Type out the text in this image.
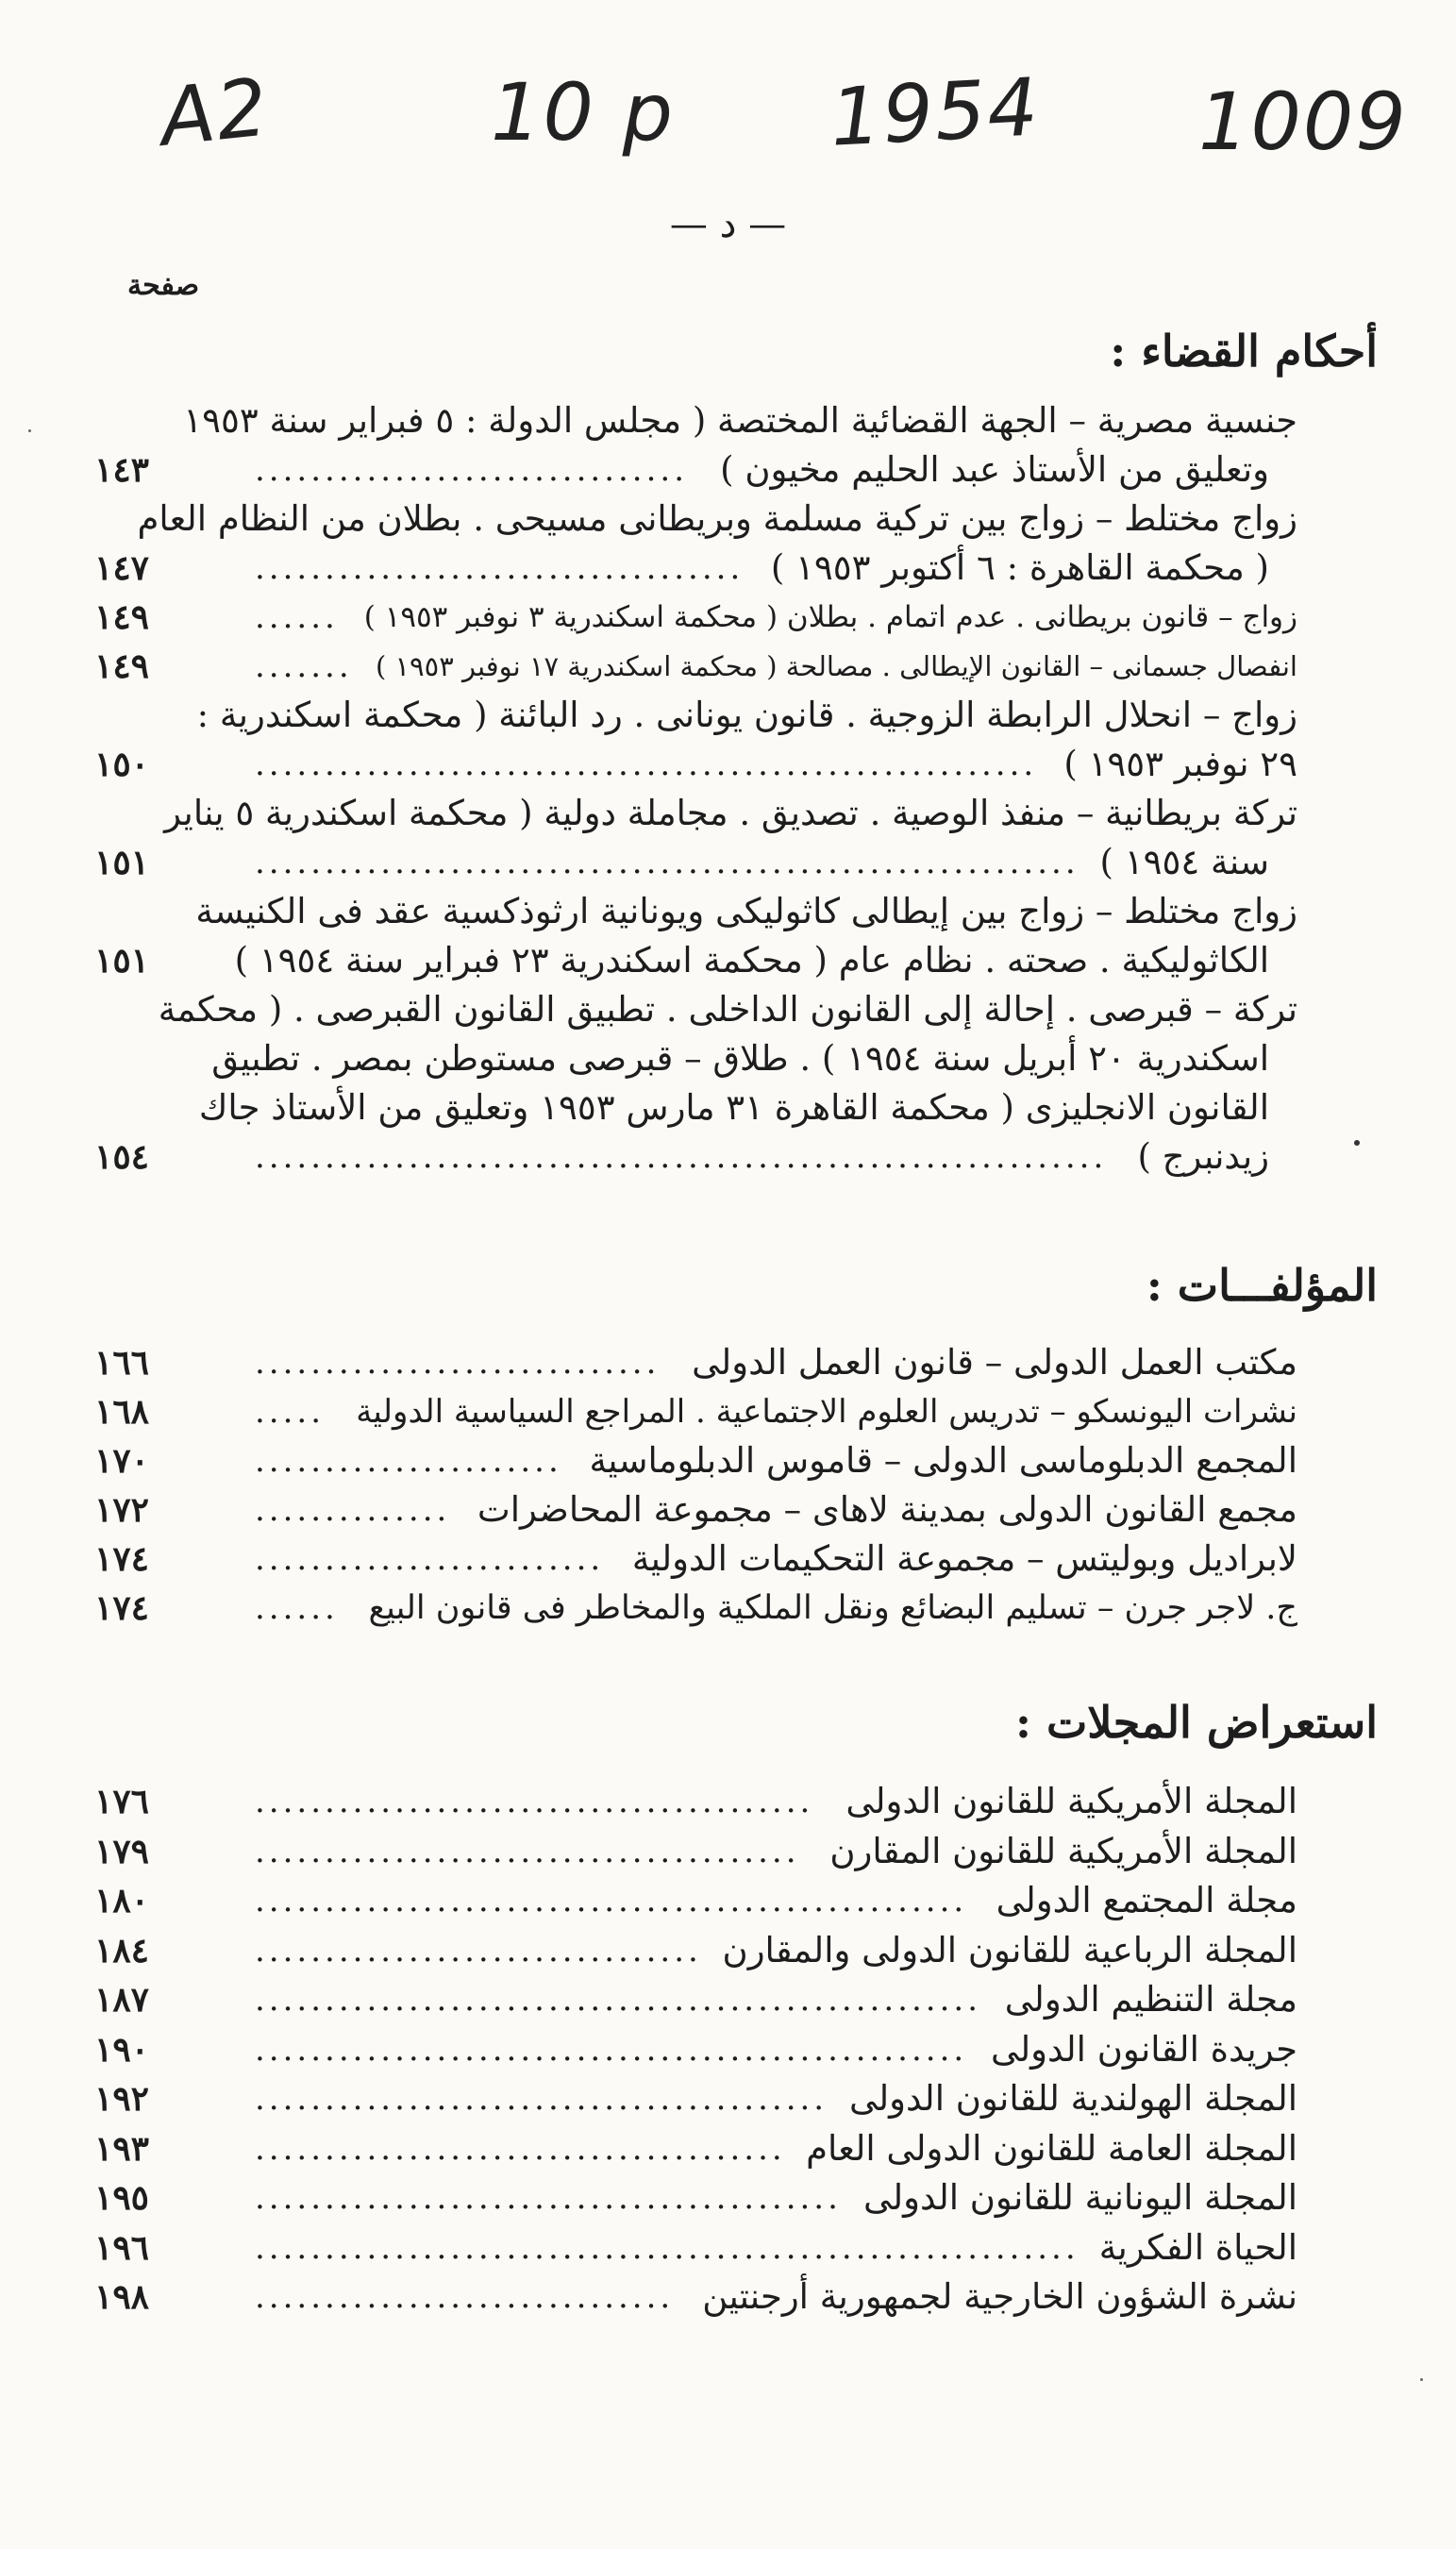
A2	10 p 1954 1009
— د —
صفحة
أحكام القضاء :
جنسية مصرية – الجهة القضائية المختصة ( مجلس الدولة : ٥ فبراير سنة ١٩٥٣
وتعليق من الأستاذ عبد الحليم مخيون )
...............................
١٤٣
زواج مختلط – زواج بين تركية مسلمة وبريطانى مسيحى . بطلان من النظام العام
( محكمة القاهرة : ٦ أكتوبر ١٩٥٣ )
...................................
١٤٧
زواج – قانون بريطانى . عدم اتمام . بطلان ( محكمة اسكندرية ٣ نوفبر ١٩٥٣ )
......
١٤٩
انفصال جسمانى – القانون الإيطالى . مصالحة ( محكمة اسكندرية ١٧ نوفبر ١٩٥٣ )
.......
١٤٩
زواج – انحلال الرابطة الزوجية . قانون يونانى . رد البائنة ( محكمة اسكندرية :
٢٩ نوفبر ١٩٥٣ )
........................................................
١٥٠
تركة بريطانية – منفذ الوصية . تصديق . مجاملة دولية ( محكمة اسكندرية ٥ يناير
سنة ١٩٥٤ )
...........................................................
١٥١
زواج مختلط – زواج بين إيطالى كاثوليكى ويونانية ارثوذكسية عقد فى الكنيسة
الكاثوليكية . صحته . نظام عام ( محكمة اسكندرية ٢٣ فبراير سنة ١٩٥٤ )
١٥١
تركة – قبرصى . إحالة إلى القانون الداخلى . تطبيق القانون القبرصى . ( محكمة
اسكندرية ٢٠ أبريل سنة ١٩٥٤ ) . طلاق – قبرصى مستوطن بمصر . تطبيق
القانون الانجليزى ( محكمة القاهرة ٣١ مارس ١٩٥٣ وتعليق من الأستاذ جاك
زيدنبرج )
.............................................................
١٥٤
المؤلفـــات :
مكتب العمل الدولى – قانون العمل الدولى
.............................
١٦٦
نشرات اليونسكو – تدريس العلوم الاجتماعية . المراجع السياسية الدولية
.....
١٦٨
المجمع الدبلوماسى الدولى – قاموس الدبلوماسية
......................
١٧٠
مجمع القانون الدولى بمدينة لاهاى – مجموعة المحاضرات
..............
١٧٢
لابراديل وبوليتس – مجموعة التحكيمات الدولية
.........................
١٧٤
ج. لاجر جرن – تسليم البضائع ونقل الملكية والمخاطر فى قانون البيع
......
١٧٤
استعراض المجلات :
المجلة الأمريكية للقانون الدولى
........................................
١٧٦
المجلة الأمريكية للقانون المقارن
.......................................
١٧٩
مجلة المجتمع الدولى
...................................................
١٨٠
المجلة الرباعية للقانون الدولى والمقارن
................................
١٨٤
مجلة التنظيم الدولى
....................................................
١٨٧
جريدة القانون الدولى
...................................................
١٩٠
المجلة الهولندية للقانون الدولى
.........................................
١٩٢
المجلة العامة للقانون الدولى العام
......................................
١٩٣
المجلة اليونانية للقانون الدولى
..........................................
١٩٥
الحياة الفكرية
...........................................................
١٩٦
نشرة الشؤون الخارجية لجمهورية أرجنتين
..............................
١٩٨
